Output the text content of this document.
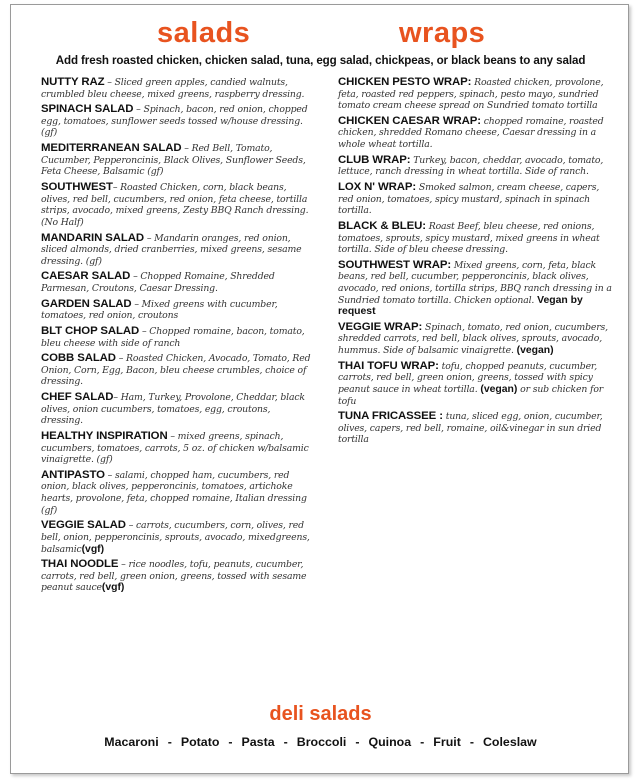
salads	wraps
Add fresh roasted chicken, chicken salad, tuna, egg salad, chickpeas, or black beans to any salad
NUTTY RAZ – Sliced green apples, candied walnuts, crumbled bleu cheese, mixed greens, raspberry dressing.
SPINACH SALAD – Spinach, bacon, red onion, chopped egg, tomatoes, sunflower seeds tossed w/house dressing. (gf)
MEDITERRANEAN SALAD – Red Bell, Tomato, Cucumber, Pepperoncinis, Black Olives, Sunflower Seeds, Feta Cheese, Balsamic (gf)
SOUTHWEST– Roasted Chicken, corn, black beans, olives, red bell, cucumbers, red onion, feta cheese, tortilla strips, avocado, mixed greens, Zesty BBQ Ranch dressing. (No Half)
MANDARIN SALAD – Mandarin oranges, red onion, sliced almonds, dried cranberries, mixed greens, sesame dressing. (gf)
CAESAR SALAD – Chopped Romaine, Shredded Parmesan, Croutons, Caesar Dressing.
GARDEN SALAD – Mixed greens with cucumber, tomatoes, red onion, croutons
BLT CHOP SALAD – Chopped romaine, bacon, tomato, bleu cheese with side of ranch
COBB SALAD – Roasted Chicken, Avocado, Tomato, Red Onion, Corn, Egg, Bacon, bleu cheese crumbles, choice of dressing.
CHEF SALAD– Ham, Turkey, Provolone, Cheddar, black olives, onion cucumbers, tomatoes, egg, croutons, dressing.
HEALTHY INSPIRATION – mixed greens, spinach, cucumbers, tomatoes, carrots, 5 oz. of chicken w/balsamic vinaigrette. (gf)
ANTIPASTO – salami, chopped ham, cucumbers, red onion, black olives, pepperoncinis, tomatoes, artichoke hearts, provolone, feta, chopped romaine, Italian dressing (gf)
VEGGIE SALAD – carrots, cucumbers, corn, olives, red bell, onion, pepperoncinis, sprouts, avocado, mixedgreens, balsamic(vgf)
THAI NOODLE – rice noodles, tofu, peanuts, cucumber, carrots, red bell, green onion, greens, tossed with sesame peanut sauce(vgf)
CHICKEN PESTO WRAP: Roasted chicken, provolone, feta, roasted red peppers, spinach, pesto mayo, sundried tomato cream cheese spread on Sundried tomato tortilla
CHICKEN CAESAR WRAP: chopped romaine, roasted chicken, shredded Romano cheese, Caesar dressing in a whole wheat tortilla.
CLUB WRAP: Turkey, bacon, cheddar, avocado, tomato, lettuce, ranch dressing in wheat tortilla. Side of ranch.
LOX N' WRAP: Smoked salmon, cream cheese, capers, red onion, tomatoes, spicy mustard, spinach in spinach tortilla.
BLACK & BLEU: Roast Beef, bleu cheese, red onions, tomatoes, sprouts, spicy mustard, mixed greens in wheat tortilla. Side of bleu cheese dressing.
SOUTHWEST WRAP: Mixed greens, corn, feta, black beans, red bell, cucumber, pepperoncinis, black olives, avocado, red onions, tortilla strips, BBQ ranch dressing in a Sundried tomato tortilla. Chicken optional. Vegan by request
VEGGIE WRAP: Spinach, tomato, red onion, cucumbers, shredded carrots, red bell, black olives, sprouts, avocado, hummus. Side of balsamic vinaigrette. (vegan)
THAI TOFU WRAP: tofu, chopped peanuts, cucumber, carrots, red bell, green onion, greens, tossed with spicy peanut sauce in wheat tortilla. (vegan) or sub chicken for tofu
TUNA FRICASSEE : tuna, sliced egg, onion, cucumber, olives, capers, red bell, romaine, oil&vinegar in sun dried tortilla
deli salads
Macaroni - Potato - Pasta - Broccoli - Quinoa - Fruit - Coleslaw
